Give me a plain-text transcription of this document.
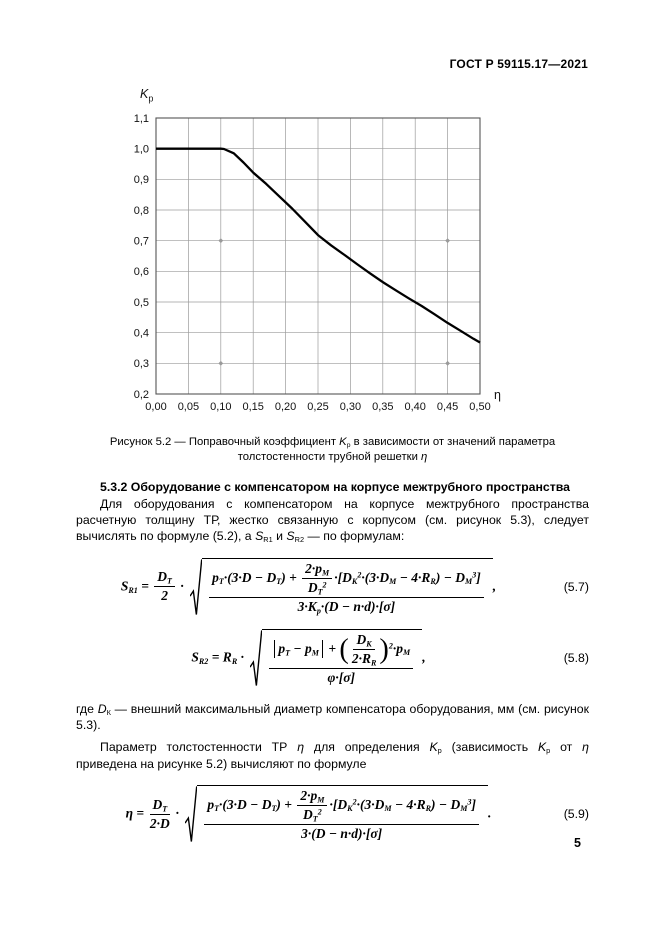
ГОСТ Р 59115.17—2021
0,00 0,05 0,10 0,15 0,20 0,25 0,30 0,35 0,40 0,45 0,50
0,2
0,3
0,4
0,5
0,6
0,7
0,8
0,9
1,0
1,1
$K_p$
η
Рисунок 5.2 — Поправочный коэффициент $K_p$ в зависимости от значений параметра толстостенности трубной решетки η
5.3.2 Оборудование с компенсатором на корпусе межтрубного пространства

Для оборудования с компенсатором на корпусе межтрубного пространства расчетную толщину ТР, жестко связанную с корпусом (см. рисунок 5.3), следует вычислять по формуле (5.2), а $S_{R1}$ и $S_{R2}$ — по формулам:

$S_{R1} = \frac{D_Т}{2} \cdot \frac{p_Т\cdot(3\cdot D - D_Т) + \frac{2\cdot p_М}{D_Т^2} \cdot[D_К^2\cdot(3\cdot D_М - 4\cdot R_R) - D_М^3]}{3\cdot K_p\cdot(D - n\cdot d)\cdot[\sigma]}$ ,	(5.7)
$S_{R2} = R_R \cdot \frac{p_Т - p_М + ( \frac{D_К}{2\cdot R_R} ) ^2\cdot p_М}{\varphi\cdot[\sigma]}$ ,	(5.8)

где $D_К$ — внешний максимальный диаметр компенсатора оборудования, мм (см. рисунок 5.3).

Параметр толстостенности ТР η для определения $K_p$ (зависимость $K_p$ от η приведена на рисунке 5.2) вычисляют по формуле

$\eta = \frac{D_Т}{2\cdot D} \cdot \frac{p_Т\cdot(3\cdot D - D_Т) + \frac{2\cdot p_М}{D_Т^2} \cdot[D_К^2\cdot(3\cdot D_М - 4\cdot R_R) - D_М^3]}{3\cdot(D - n\cdot d)\cdot[\sigma]}$ .	(5.9)
5
